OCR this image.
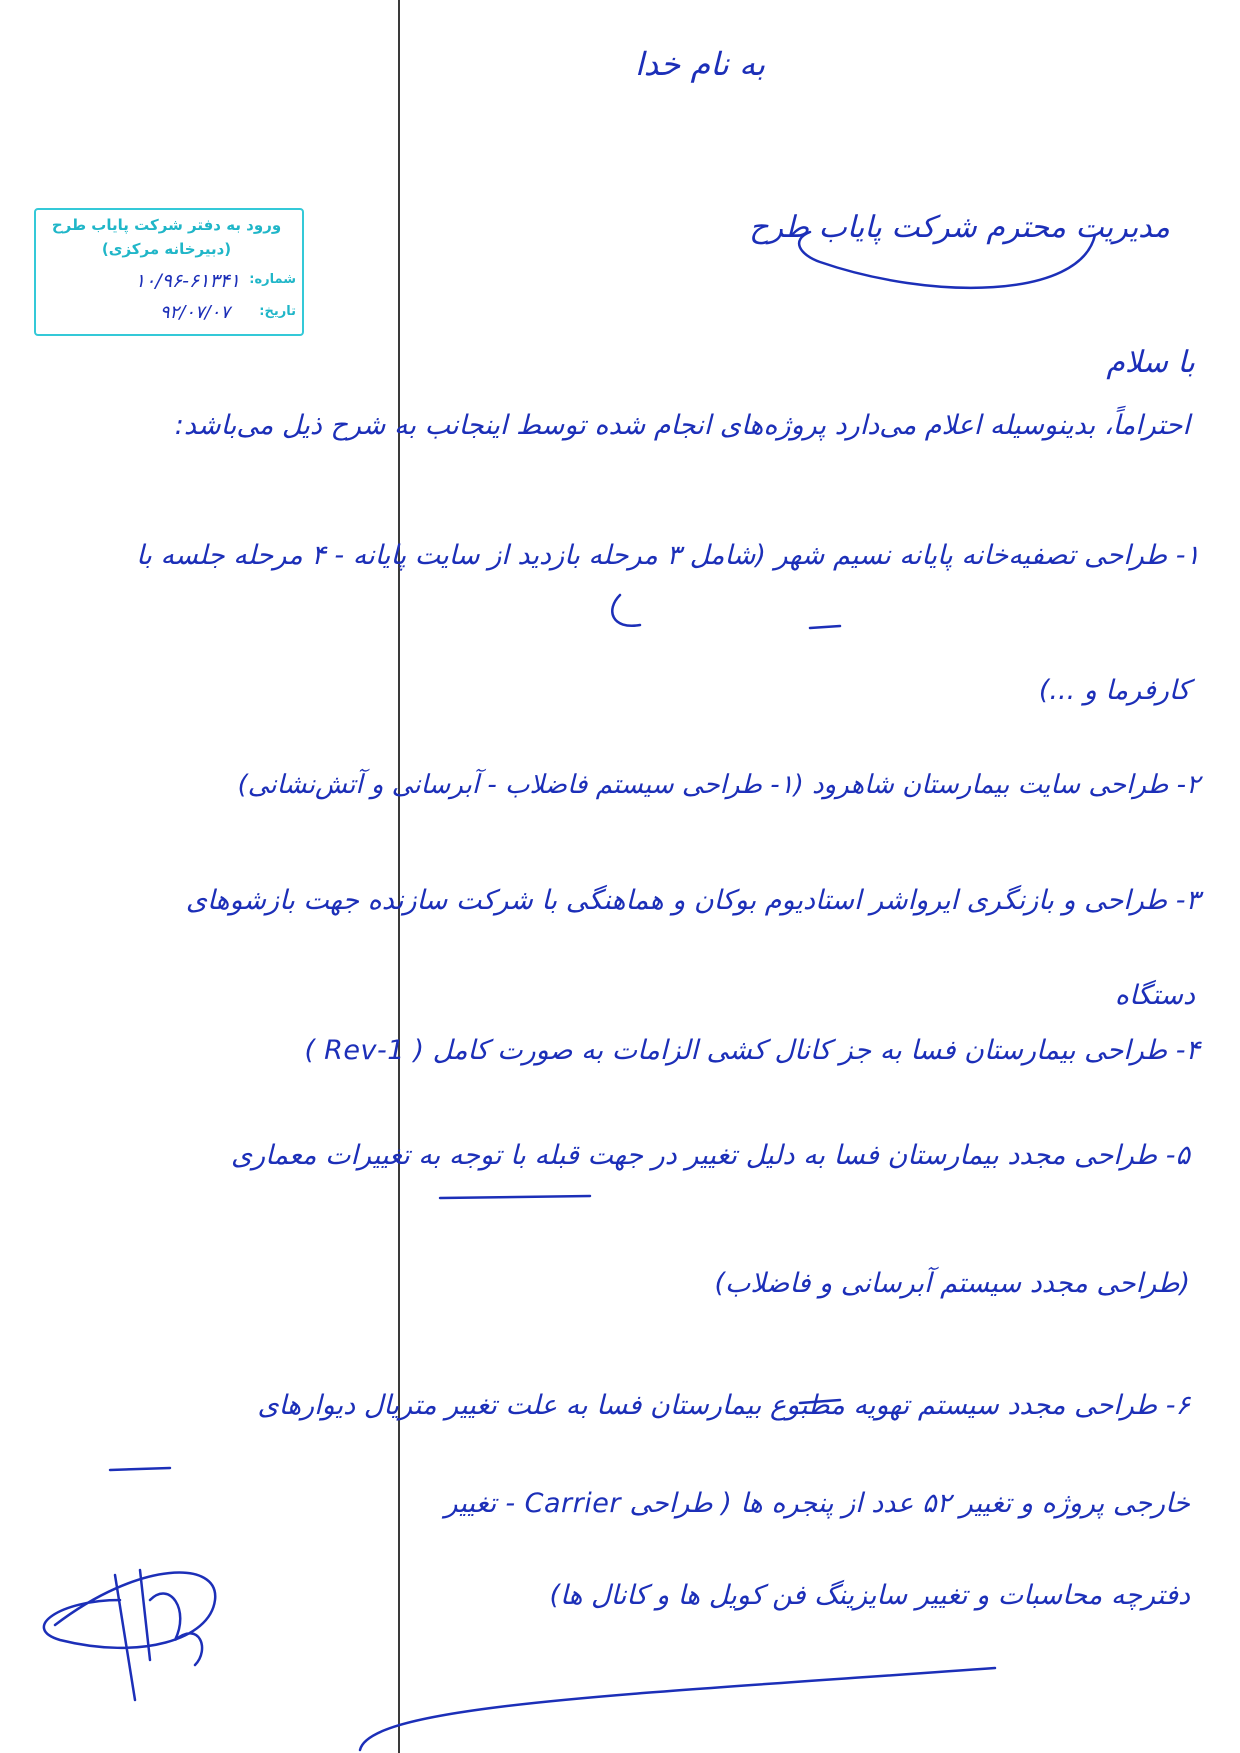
به نام خدا
مدیریت محترم شرکت پایاب طرح
با سلام
احتراماً، بدینوسیله اعلام می‌دارد پروژه‌های انجام شده توسط اینجانب به شرح ذیل می‌باشد:
۱- طراحی تصفیه‌خانه پایانه نسیم شهر (شامل ۳ مرحله بازدید از سایت پایانه - ۴ مرحله جلسه با
کارفرما و ...)
۲- طراحی سایت بیمارستان شاهرود (۱- طراحی سیستم فاضلاب - آبرسانی و آتش‌نشانی)
۳- طراحی و بازنگری ایرواشر استادیوم بوکان و هماهنگی با شرکت سازنده جهت بازشوهای
دستگاه
۴- طراحی بیمارستان فسا به جز کانال کشی الزامات به صورت کامل ( Rev-1 )
۵- طراحی مجدد بیمارستان فسا به دلیل تغییر در جهت قبله با توجه به تغییرات معماری
(طراحی مجدد سیستم آبرسانی و فاضلاب)
۶- طراحی مجدد سیستم تهویه مطبوع بیمارستان فسا به علت تغییر متریال دیوارهای
خارجی پروژه و تغییر ۵۲ عدد از پنجره ها ( طراحی Carrier - تغییر
دفترچه محاسبات و تغییر سایز‌ینگ فن کویل ها و کانال ها)
ورود به دفتر شرکت پایاب طرح
(دبیرخانه مرکزی)
شماره:
۱۰/۹۶-۶۱۳۴۱
تاریخ:
۹۲/۰۷/۰۷
